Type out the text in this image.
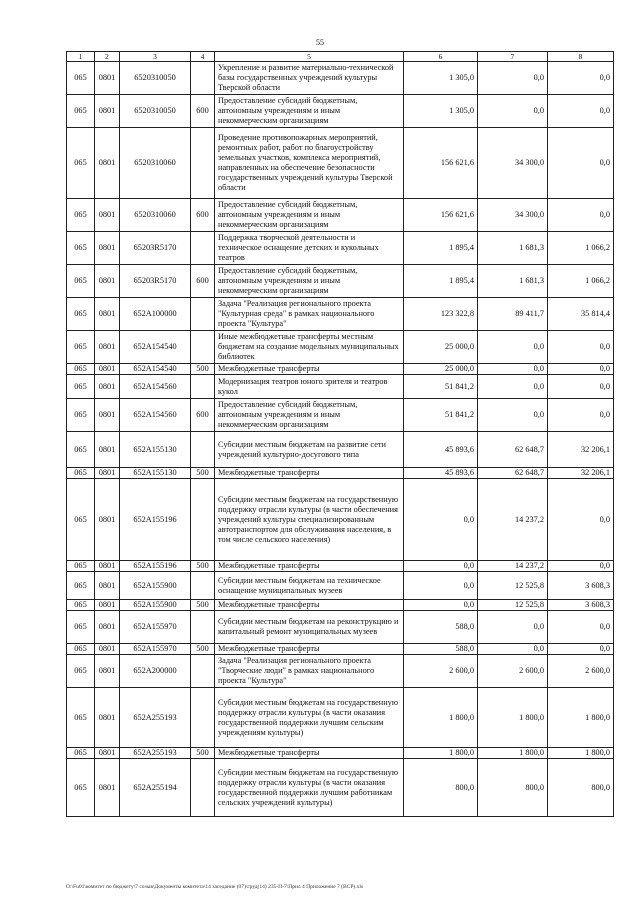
55
1	2	3	4	5	6	7	8
065	0801	6520310050		Укрепление и развитие материально-технической базы государственных учреждений культуры Тверской области	1 305,0	0,0	0,0
065	0801	6520310050	600	Предоставление субсидий бюджетным, автономным учреждениям и иным некоммерческим организациям	1 305,0	0,0	0,0
065	0801	6520310060		Проведение противопожарных мероприятий, ремонтных работ, работ по благоустройству земельных участков, комплекса мероприятий, направленных на обеспечение безопасности государственных учреждений культуры Тверской области	156 621,6	34 300,0	0,0
065	0801	6520310060	600	Предоставление субсидий бюджетным, автономным учреждениям и иным некоммерческим организациям	156 621,6	34 300,0	0,0
065	0801	65203R5170		Поддержка творческой деятельности и техническое оснащение детских и кукольных театров	1 895,4	1 681,3	1 066,2
065	0801	65203R5170	600	Предоставление субсидий бюджетным, автономным учреждениям и иным некоммерческим организациям	1 895,4	1 681,3	1 066,2
065	0801	652A100000		Задача "Реализация регионального проекта "Культурная среда" в рамках национального проекта "Культура"	123 322,8	89 411,7	35 814,4
065	0801	652A154540		Иные межбюджетные трансферты местным бюджетам на создание модельных муниципальных библиотек	25 000,0	0,0	0,0
065	0801	652A154540	500	Межбюджетные трансферты	25 000,0	0,0	0,0
065	0801	652A154560		Модернизация театров юного зрителя и театров кукол	51 841,2	0,0	0,0
065	0801	652A154560	600	Предоставление субсидий бюджетным, автономным учреждениям и иным некоммерческим организациям	51 841,2	0,0	0,0
065	0801	652A155130		Субсидии местным бюджетам на развитие сети учреждений культурно-досугового типа	45 893,6	62 648,7	32 206,1
065	0801	652A155130	500	Межбюджетные трансферты	45 893,6	62 648,7	32 206,1
065	0801	652A155196		Субсидии местным бюджетам на государственную поддержку отрасли культуры (в части обеспечения учреждений культуры специализированным автотранспортом для обслуживания населения, в том числе сельского населения)	0,0	14 237,2	0,0
065	0801	652A155196	500	Межбюджетные трансферты	0,0	14 237,2	0,0
065	0801	652A155900		Субсидии местным бюджетам на техническое оснащение муниципальных музеев	0,0	12 525,8	3 608,3
065	0801	652A155900	500	Межбюджетные трансферты	0,0	12 525,8	3 608,3
065	0801	652A155970		Субсидии местным бюджетам на реконструкцию и капитальный ремонт муниципальных музеев	588,0	0,0	0,0
065	0801	652A155970	500	Межбюджетные трансферты	588,0	0,0	0,0
065	0801	652A200000		Задача "Реализация регионального проекта "Творческие люди" в рамках национального проекта "Культура"	2 600,0	2 600,0	2 600,0
065	0801	652A255193		Субсидии местным бюджетам на государственную поддержку отрасли культуры (в части оказания государственной поддержки лучшим сельским учреждениям культуры)	1 800,0	1 800,0	1 800,0
065	0801	652A255193	500	Межбюджетные трансферты	1 800,0	1 800,0	1 800,0
065	0801	652A255194		Субсидии местным бюджетам на государственную поддержку отрасли культуры (в части оказания государственной поддержки лучшим работникам сельских учреждений культуры)	800,0	800,0	800,0
O:\Fu01\комитет по бюджету\7 созыв\Документы комитета\14 заседание (07)\груд(14) 235-П-7\Прил 4 Приложение 7 (ВСР).xls
